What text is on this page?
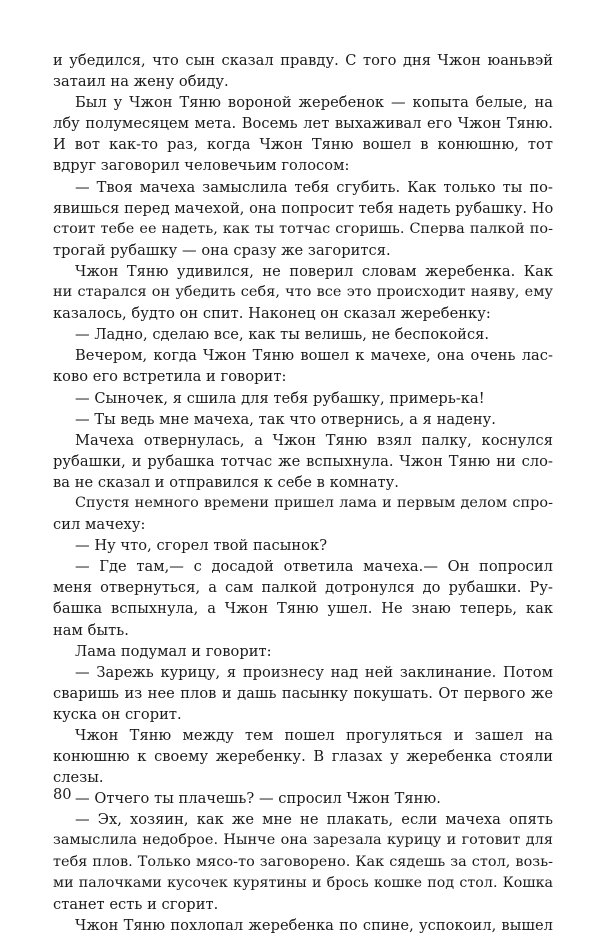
и убедился, что сын сказал правду. С того дня Чжон юаньвэй
затаил на жену обиду.
Был у Чжон Тяню вороной жеребенок — копыта белые, на
лбу полумесяцем мета. Восемь лет выхаживал его Чжон Тяню.
И вот как-то раз, когда Чжон Тяню вошел в конюшню, тот
вдруг заговорил человечьим голосом:
— Твоя мачеха замыслила тебя сгубить. Как только ты по-
явишься перед мачехой, она попросит тебя надеть рубашку. Но
стоит тебе ее надеть, как ты тотчас сгоришь. Сперва палкой по-
трогай рубашку — она сразу же загорится.
Чжон Тяню удивился, не поверил словам жеребенка. Как
ни старался он убедить себя, что все это происходит наяву, ему
казалось, будто он спит. Наконец он сказал жеребенку:
— Ладно, сделаю все, как ты велишь, не беспокойся.
Вечером, когда Чжон Тяню вошел к мачехе, она очень лас-
ково его встретила и говорит:
— Сыночек, я сшила для тебя рубашку, примерь-ка!
— Ты ведь мне мачеха, так что отвернись, а я надену.
Мачеха отвернулась, а Чжон Тяню взял палку, коснулся
рубашки, и рубашка тотчас же вспыхнула. Чжон Тяню ни сло-
ва не сказал и отправился к себе в комнату.
Спустя немного времени пришел лама и первым делом спро-
сил мачеху:
— Ну что, сгорел твой пасынок?
— Где там,— с досадой ответила мачеха.— Он попросил
меня отвернуться, а сам палкой дотронулся до рубашки. Ру-
башка вспыхнула, а Чжон Тяню ушел. Не знаю теперь, как
нам быть.
Лама подумал и говорит:
— Зарежь курицу, я произнесу над ней заклинание. Потом
сваришь из нее плов и дашь пасынку покушать. От первого же
куска он сгорит.
Чжон Тяню между тем пошел прогуляться и зашел на
конюшню к своему жеребенку. В глазах у жеребенка стояли
слезы.
— Отчего ты плачешь? — спросил Чжон Тяню.
— Эх, хозяин, как же мне не плакать, если мачеха опять
замыслила недоброе. Нынче она зарезала курицу и готовит для
тебя плов. Только мясо-то заговорено. Как сядешь за стол, возь-
ми палочками кусочек курятины и брось кошке под стол. Кошка
станет есть и сгорит.
Чжон Тяню похлопал жеребенка по спине, успокоил, вышел
80
